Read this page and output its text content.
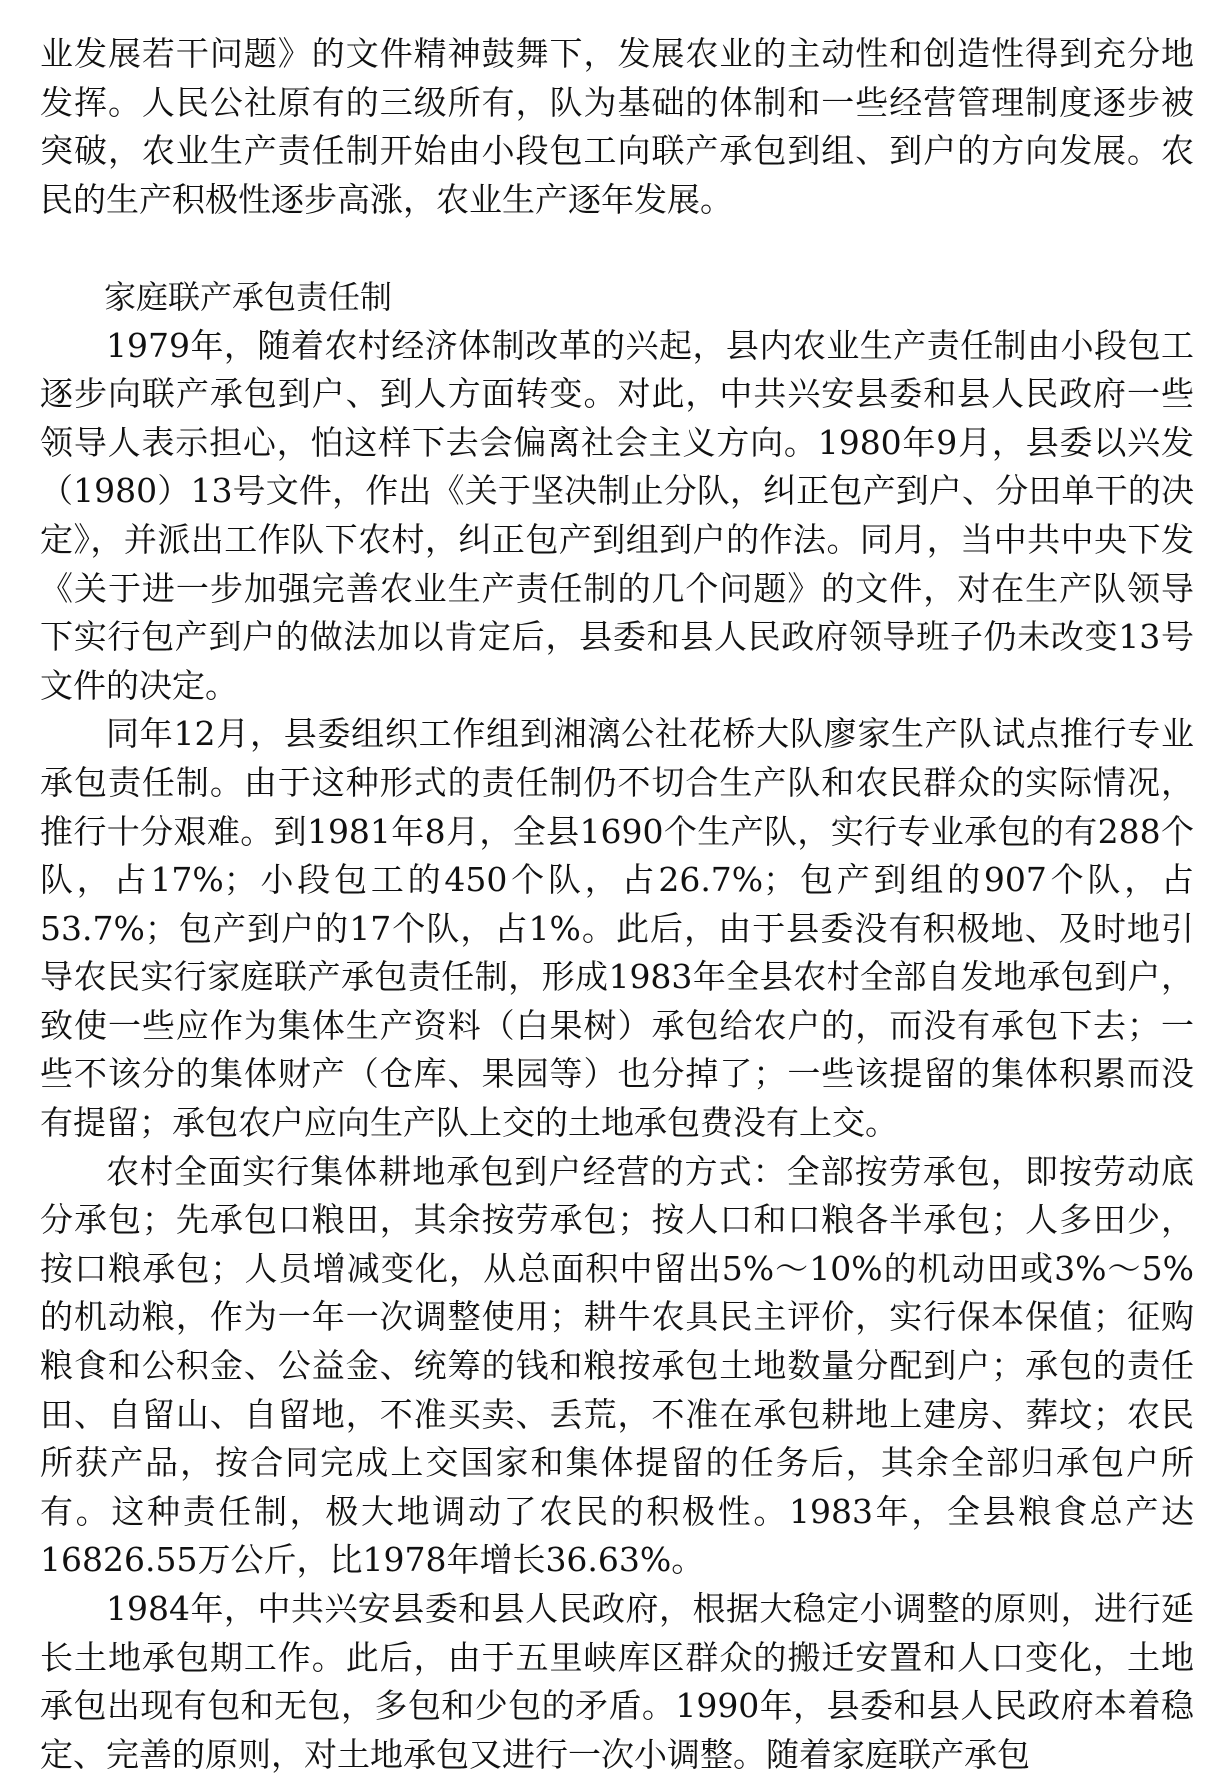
业发展若干问题》的文件精神鼓舞下，发展农业的主动性和创造性得到充分地发挥。人民公社原有的三级所有，队为基础的体制和一些经营管理制度逐步被突破，农业生产责任制开始由小段包工向联产承包到组、到户的方向发展。农民的生产积极性逐步高涨，农业生产逐年发展。

家庭联产承包责任制

1979年，随着农村经济体制改革的兴起，县内农业生产责任制由小段包工逐步向联产承包到户、到人方面转变。对此，中共兴安县委和县人民政府一些领导人表示担心，怕这样下去会偏离社会主义方向。1980年9月，县委以兴发（1980）13号文件，作出《关于坚决制止分队，纠正包产到户、分田单干的决定》，并派出工作队下农村，纠正包产到组到户的作法。同月，当中共中央下发《关于进一步加强完善农业生产责任制的几个问题》的文件，对在生产队领导下实行包产到户的做法加以肯定后，县委和县人民政府领导班子仍未改变13号文件的决定。

同年12月，县委组织工作组到湘漓公社花桥大队廖家生产队试点推行专业承包责任制。由于这种形式的责任制仍不切合生产队和农民群众的实际情况，推行十分艰难。到1981年8月，全县1690个生产队，实行专业承包的有288个队，占17%；小段包工的450个队，占26.7%；包产到组的907个队，占53.7%；包产到户的17个队，占1%。此后，由于县委没有积极地、及时地引导农民实行家庭联产承包责任制，形成1983年全县农村全部自发地承包到户，致使一些应作为集体生产资料（白果树）承包给农户的，而没有承包下去；一些不该分的集体财产（仓库、果园等）也分掉了；一些该提留的集体积累而没有提留；承包农户应向生产队上交的土地承包费没有上交。

农村全面实行集体耕地承包到户经营的方式：全部按劳承包，即按劳动底分承包；先承包口粮田，其余按劳承包；按人口和口粮各半承包；人多田少，按口粮承包；人员增减变化，从总面积中留出5%～10%的机动田或3%～5%的机动粮，作为一年一次调整使用；耕牛农具民主评价，实行保本保值；征购粮食和公积金、公益金、统筹的钱和粮按承包土地数量分配到户；承包的责任田、自留山、自留地，不准买卖、丢荒，不准在承包耕地上建房、葬坟；农民所获产品，按合同完成上交国家和集体提留的任务后，其余全部归承包户所有。这种责任制，极大地调动了农民的积极性。1983年，全县粮食总产达16826.55万公斤，比1978年增长36.63%。

1984年，中共兴安县委和县人民政府，根据大稳定小调整的原则，进行延长土地承包期工作。此后，由于五里峡库区群众的搬迁安置和人口变化，土地承包出现有包和无包，多包和少包的矛盾。1990年，县委和县人民政府本着稳定、完善的原则，对土地承包又进行一次小调整。随着家庭联产承包
